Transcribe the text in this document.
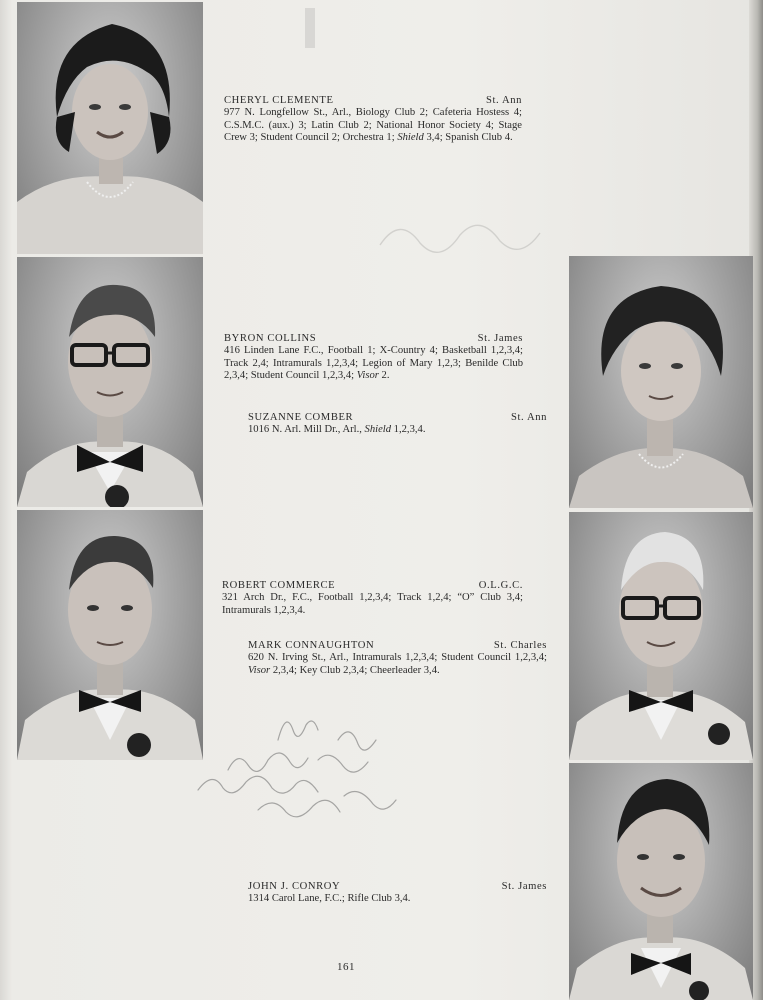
CHERYL CLEMENTE	St. Ann
977 N. Longfellow St., Arl., Biology Club 2; Cafeteria Hostess 4; C.S.M.C. (aux.) 3; Latin Club 2; National Honor Society 4; Stage Crew 3; Student Council 2; Orchestra 1; Shield 3,4; Spanish Club 4.
BYRON COLLINS	St. James
416 Linden Lane F.C., Football 1; X-Country 4; Basketball 1,2,3,4; Track 2,4; Intramurals 1,2,3,4; Legion of Mary 1,2,3; Benilde Club 2,3,4; Student Council 1,2,3,4; Visor 2.
SUZANNE COMBER	St. Ann
1016 N. Arl. Mill Dr., Arl., Shield 1,2,3,4.
ROBERT COMMERCE	O.L.G.C.
321 Arch Dr., F.C., Football 1,2,3,4; Track 1,2,4; “O” Club 3,4; Intramurals 1,2,3,4.
MARK CONNAUGHTON	St. Charles
620 N. Irving St., Arl., Intramurals 1,2,3,4; Student Council 1,2,3,4; Visor 2,3,4; Key Club 2,3,4; Cheerleader 3,4.
JOHN J. CONROY	St. James
1314 Carol Lane, F.C.; Rifle Club 3,4.
161
